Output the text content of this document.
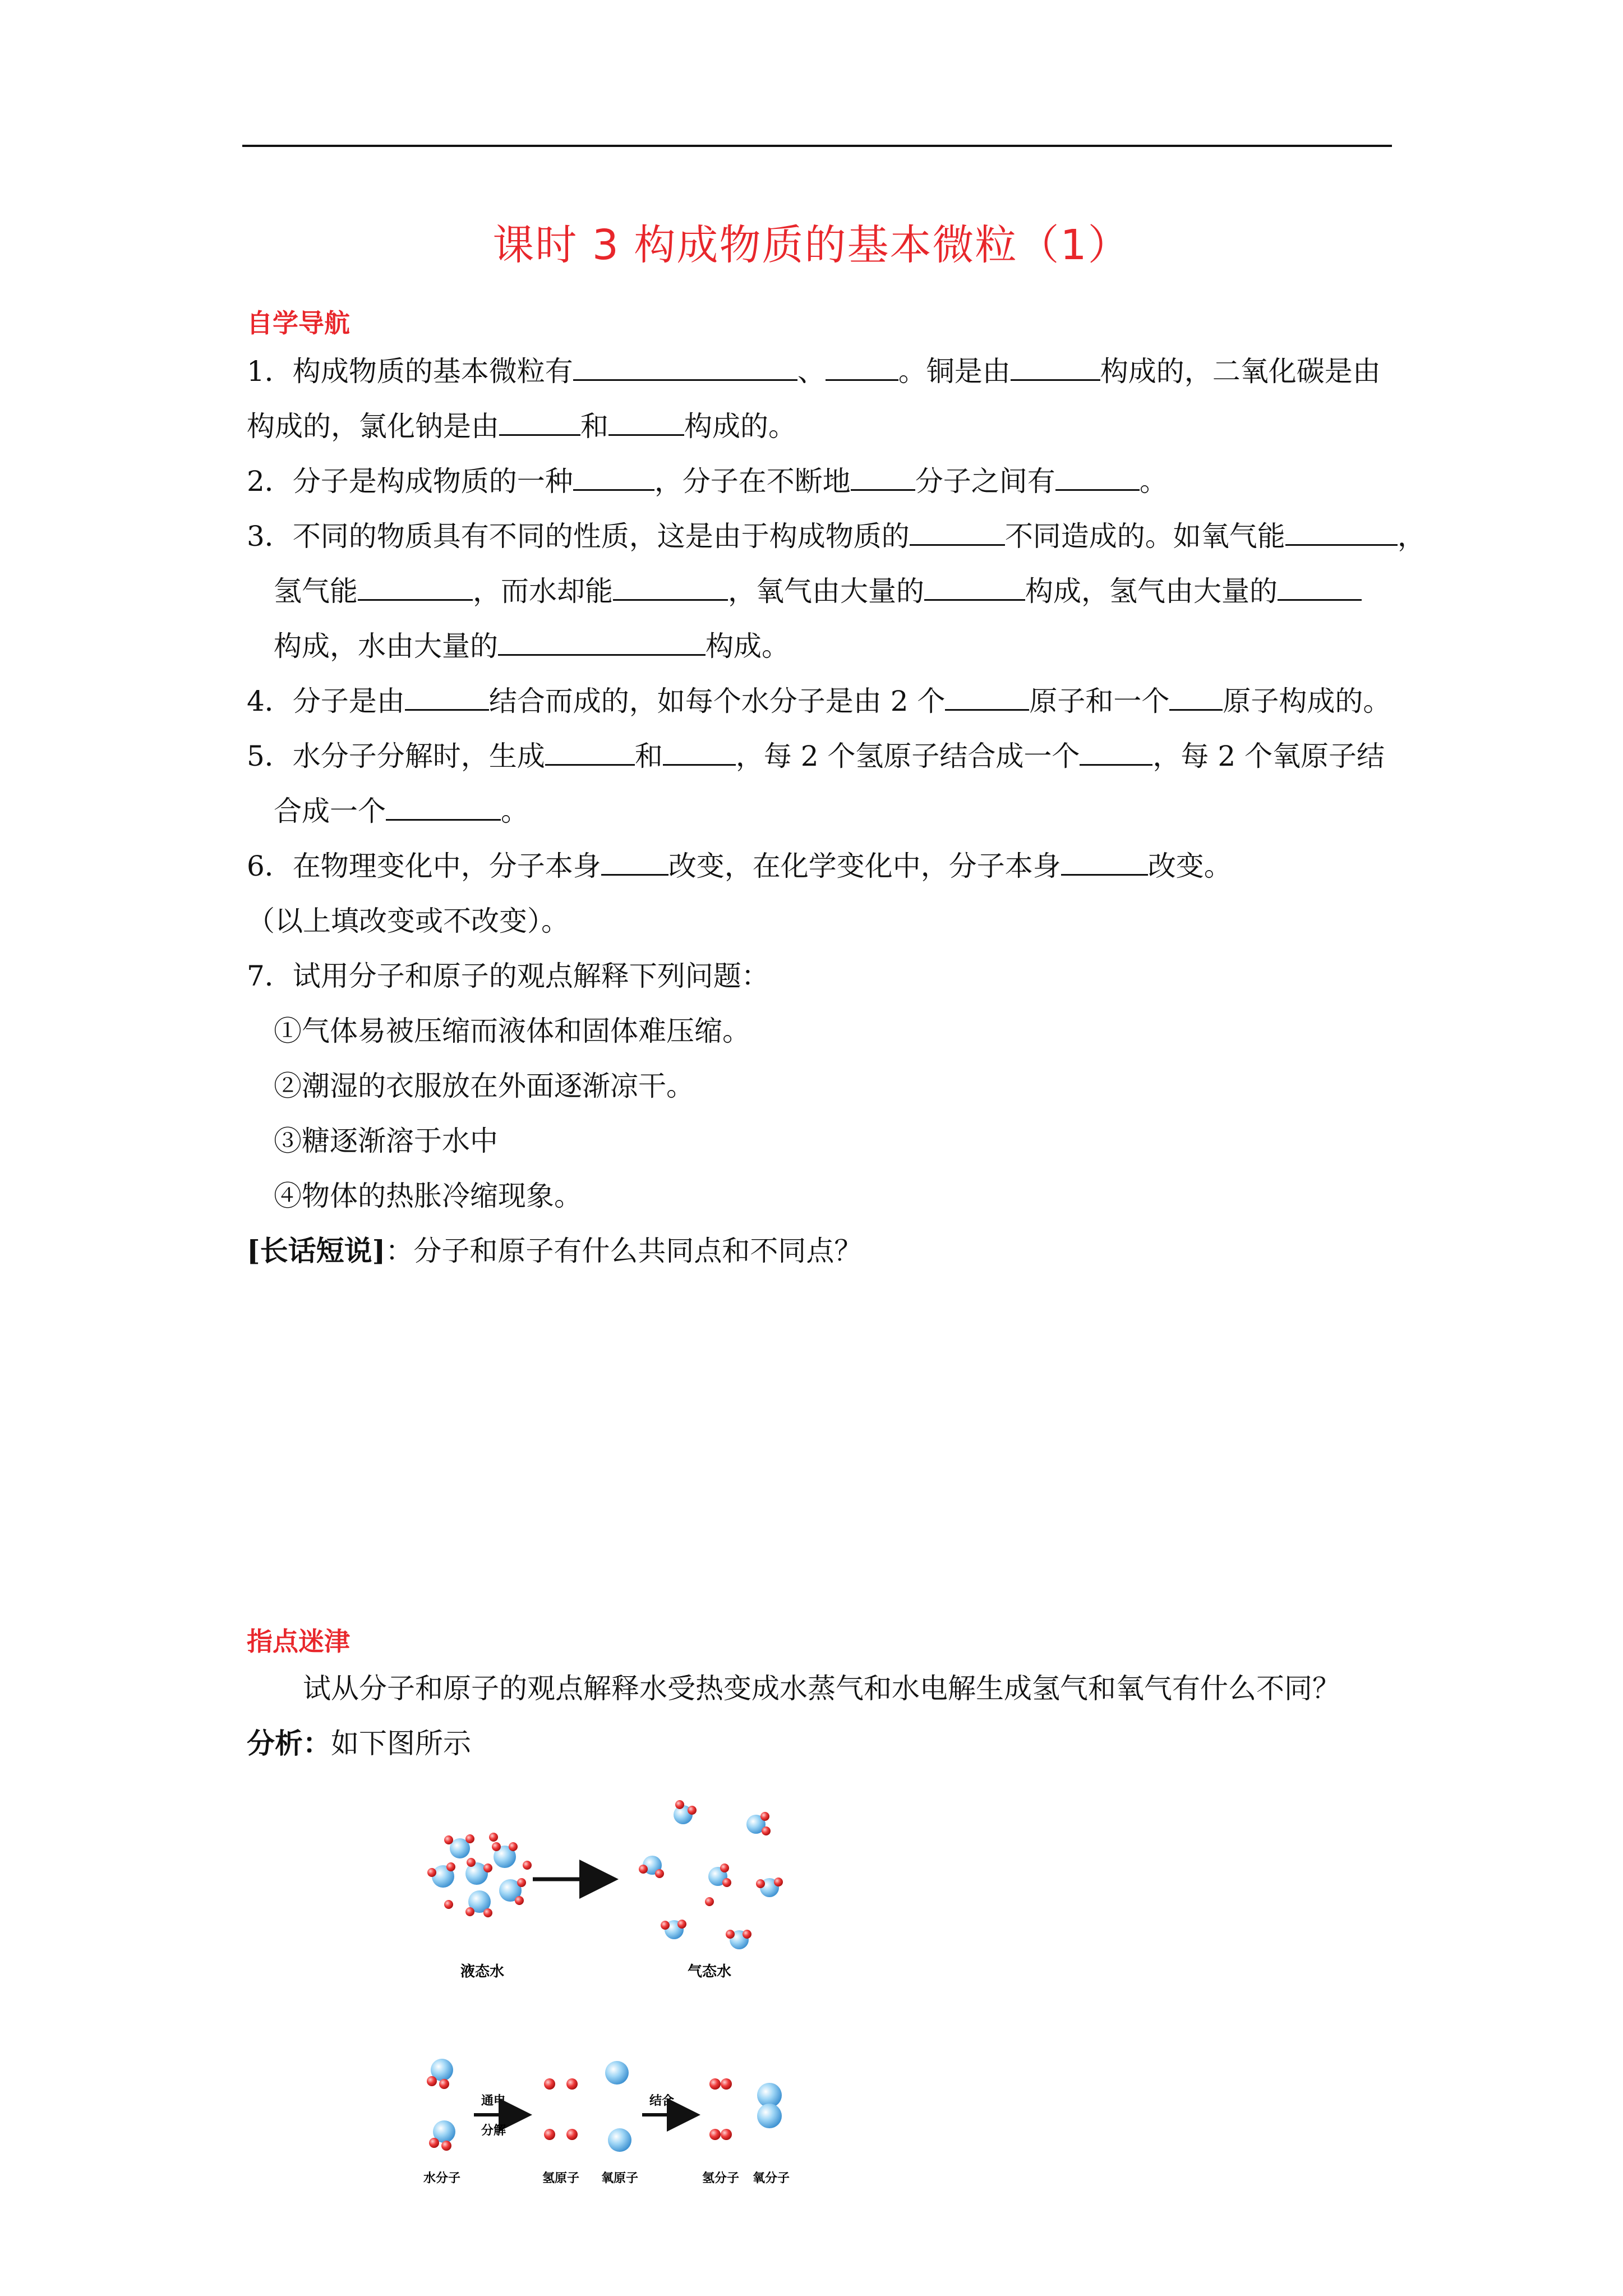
课时 3 构成物质的基本微粒（1）
自学导航
1．构成物质的基本微粒有	、	。铜是由	构成的，二氧化碳是由
构成的，氯化钠是由	和	构成的。
2．分子是构成物质的一种	，分子在不断地 分子之间有	。
3．不同的物质具有不同的性质，这是由于构成物质的	不同造成的。如氧气能	，
氢气能	，而水却能	，氧气由大量的	构成，氢气由大量的
构成，水由大量的	构成。
4．分子是由	结合而成的，如每个水分子是由 2 个	原子和一个 原子构成的。
5．水分子分解时，生成	和	，每 2 个氢原子结合成一个	，每 2 个氧原子结
合成一个	。
6．在物理变化中，分子本身 改变，在化学变化中，分子本身	改变。
（以上填改变或不改变）。
7．试用分子和原子的观点解释下列问题：
①气体易被压缩而液体和固体难压缩。
②潮湿的衣服放在外面逐渐凉干。
③糖逐渐溶于水中
④物体的热胀冷缩现象。
[长话短说]：分子和原子有什么共同点和不同点？
指点迷津
试从分子和原子的观点解释水受热变成水蒸气和水电解生成氢气和氧气有什么不同？
分析：如下图所示
液态水	气态水
通电
分解
氢原子 氧原子
结合
水分子	氢分子 氧分子
